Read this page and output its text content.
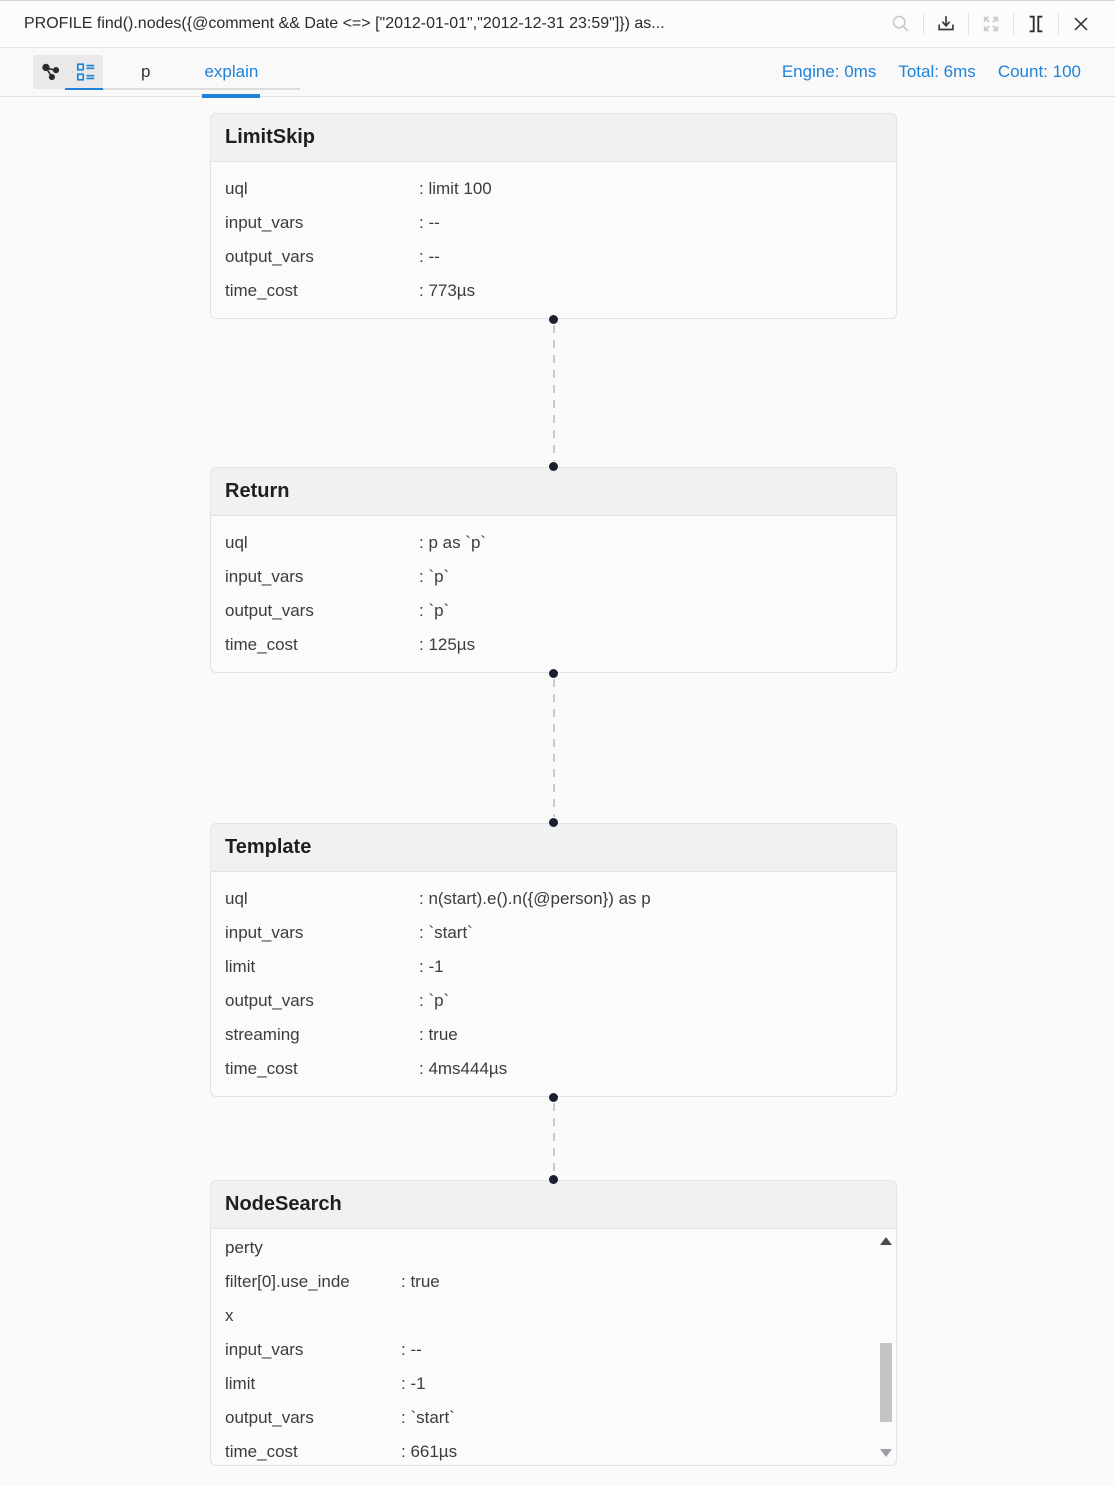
PROFILE find().nodes({@comment && Date <=> ["2012-01-01","2012-12-31 23:59"]}) as...
p	explain	Engine: 0ms Total: 6ms Count: 100
LimitSkip
uql	: limit 100
input_vars	: --
output_vars	: --
time_cost	: 773µs
Return
uql	: p as `p`
input_vars	: `p`
output_vars	: `p`
time_cost	: 125µs
Template
uql	: n(start).e().n({@person}) as p
input_vars	: `start`
limit	: -1
output_vars	: `p`
streaming	: true
time_cost	: 4ms444µs
NodeSearch
perty
filter[0].use_inde	: true
x
input_vars	: --
limit	: -1
output_vars	: `start`
time_cost	: 661µs
